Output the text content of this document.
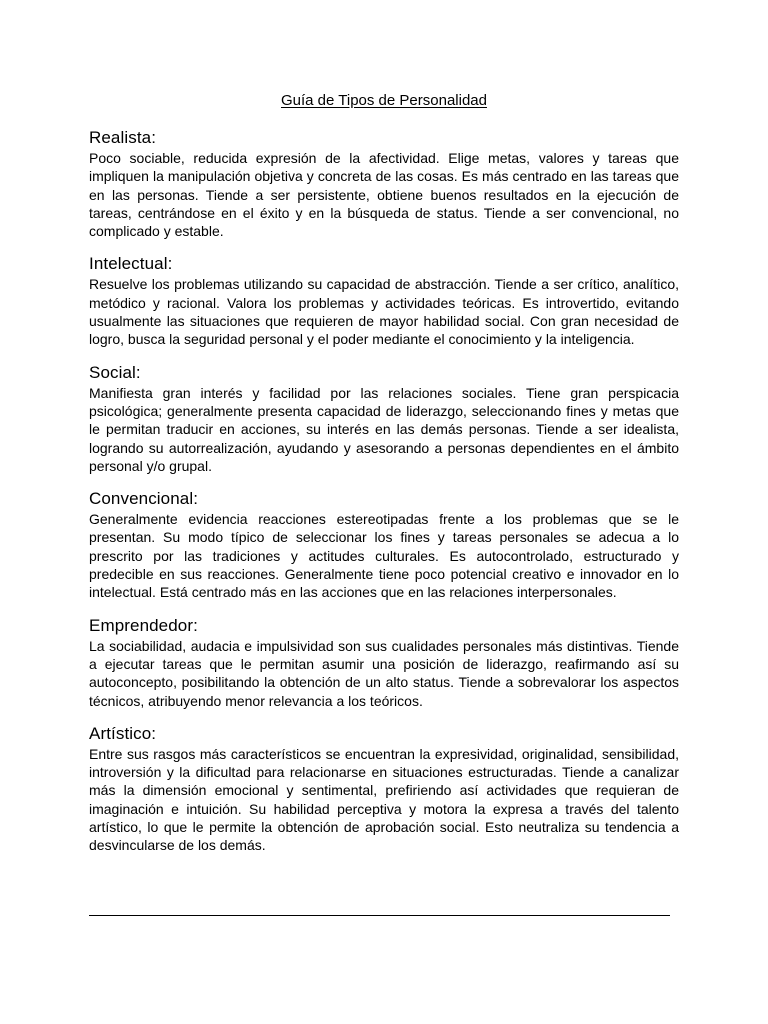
Guía de Tipos de Personalidad
Realista:

Poco sociable, reducida expresión de la afectividad. Elige metas, valores y tareas que impliquen la manipulación objetiva y concreta de las cosas. Es más centrado en las tareas que en las personas. Tiende a ser persistente, obtiene buenos resultados en la ejecución de tareas, centrándose en el éxito y en la búsqueda de status. Tiende a ser convencional, no complicado y estable.

Intelectual:

Resuelve los problemas utilizando su capacidad de abstracción. Tiende a ser crítico, analítico, metódico y racional. Valora los problemas y actividades teóricas. Es introvertido, evitando usualmente las situaciones que requieren de mayor habilidad social. Con gran necesidad de logro, busca la seguridad personal y el poder mediante el conocimiento y la inteligencia.

Social:

Manifiesta gran interés y facilidad por las relaciones sociales. Tiene gran perspicacia psicológica; generalmente presenta capacidad de liderazgo, seleccionando fines y metas que le permitan traducir en acciones, su interés en las demás personas. Tiende a ser idealista, logrando su autorrealización, ayudando y asesorando a personas dependientes en el ámbito personal y/o grupal.

Convencional:

Generalmente evidencia reacciones estereotipadas frente a los problemas que se le presentan. Su modo típico de seleccionar los fines y tareas personales se adecua a lo prescrito por las tradiciones y actitudes culturales. Es autocontrolado, estructurado y predecible en sus reacciones. Generalmente tiene poco potencial creativo e innovador en lo intelectual. Está centrado más en las acciones que en las relaciones interpersonales.

Emprendedor:

La sociabilidad, audacia e impulsividad son sus cualidades personales más distintivas. Tiende a ejecutar tareas que le permitan asumir una posición de liderazgo, reafirmando así su autoconcepto, posibilitando la obtención de un alto status. Tiende a sobrevalorar los aspectos técnicos, atribuyendo menor relevancia a los teóricos.

Artístico:

Entre sus rasgos más característicos se encuentran la expresividad, originalidad, sensibilidad, introversión y la dificultad para relacionarse en situaciones estructuradas. Tiende a canalizar más la dimensión emocional y sentimental, prefiriendo así actividades que requieran de imaginación e intuición. Su habilidad perceptiva y motora la expresa a través del talento artístico, lo que le permite la obtención de aprobación social. Esto neutraliza su tendencia a desvincularse de los demás.
